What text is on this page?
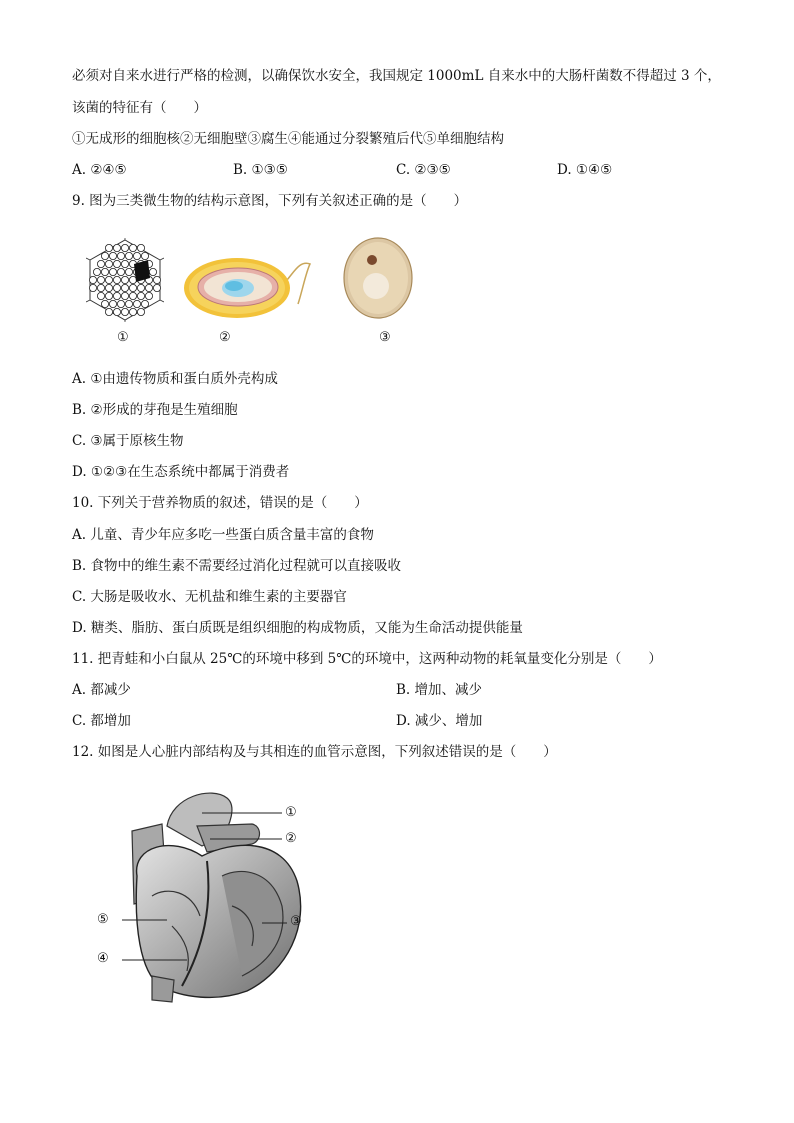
必须对自来水进行严格的检测，以确保饮水安全，我国规定 1000mL 自来水中的大肠杆菌数不得超过 3 个，
该菌的特征有（　　）
①无成形的细胞核②无细胞壁③腐生④能通过分裂繁殖后代⑤单细胞结构
A. ②④⑤	B. ①③⑤	C. ②③⑤	D. ①④⑤
9. 图为三类微生物的结构示意图，下列有关叙述正确的是（　　）
①	②	③
A. ①由遗传物质和蛋白质外壳构成
B. ②形成的芽孢是生殖细胞
C. ③属于原核生物
D. ①②③在生态系统中都属于消费者
10. 下列关于营养物质的叙述，错误的是（　　）
A. 儿童、青少年应多吃一些蛋白质含量丰富的食物
B. 食物中的维生素不需要经过消化过程就可以直接吸收
C. 大肠是吸收水、无机盐和维生素的主要器官
D. 糖类、脂肪、蛋白质既是组织细胞的构成物质，又能为生命活动提供能量
11. 把青蛙和小白鼠从 25℃的环境中移到 5℃的环境中，这两种动物的耗氧量变化分别是（　　）
A. 都减少	B. 增加、减少
C. 都增加	D. 减少、增加
12. 如图是人心脏内部结构及与其相连的血管示意图，下列叙述错误的是（　　）
①
②
③
④
⑤
